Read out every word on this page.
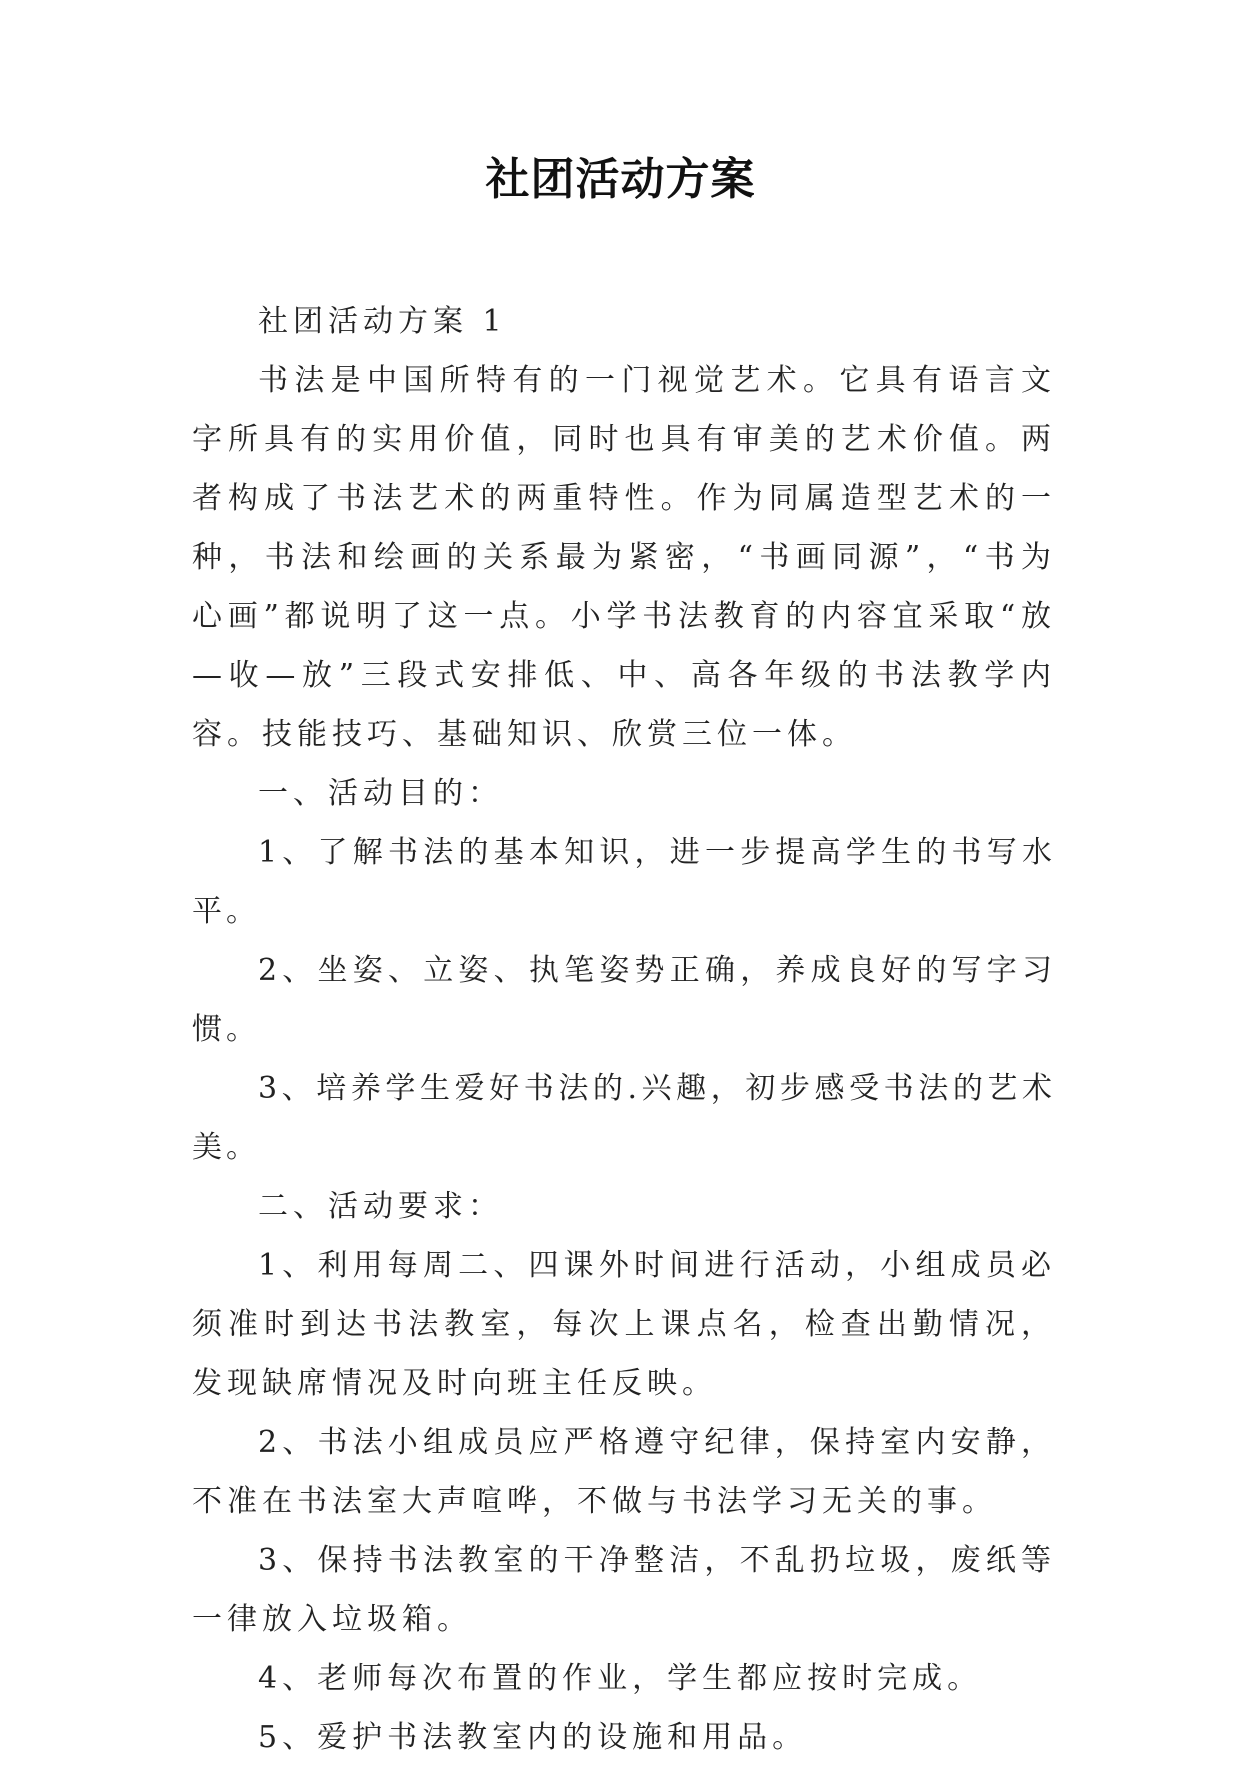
社团活动方案

社团活动方案 1

书法是中国所特有的一门视觉艺术。它具有语言文字所具有的实用价值，同时也具有审美的艺术价值。两者构成了书法艺术的两重特性。作为同属造型艺术的一种，书法和绘画的关系最为紧密，“书画同源”，“书为心画”都说明了这一点。小学书法教育的内容宜采取“放—收—放”三段式安排低、中、高各年级的书法教学内容。技能技巧、基础知识、欣赏三位一体。

一、活动目的：

1、了解书法的基本知识，进一步提高学生的书写水平。

2、坐姿、立姿、执笔姿势正确，养成良好的写字习惯。

3、培养学生爱好书法的.兴趣，初步感受书法的艺术美。

二、活动要求：

1、利用每周二、四课外时间进行活动，小组成员必须准时到达书法教室，每次上课点名，检查出勤情况，发现缺席情况及时向班主任反映。

2、书法小组成员应严格遵守纪律，保持室内安静，不准在书法室大声喧哗，不做与书法学习无关的事。

3、保持书法教室的干净整洁，不乱扔垃圾，废纸等一律放入垃圾箱。

4、老师每次布置的作业，学生都应按时完成。

5、爱护书法教室内的设施和用品。
